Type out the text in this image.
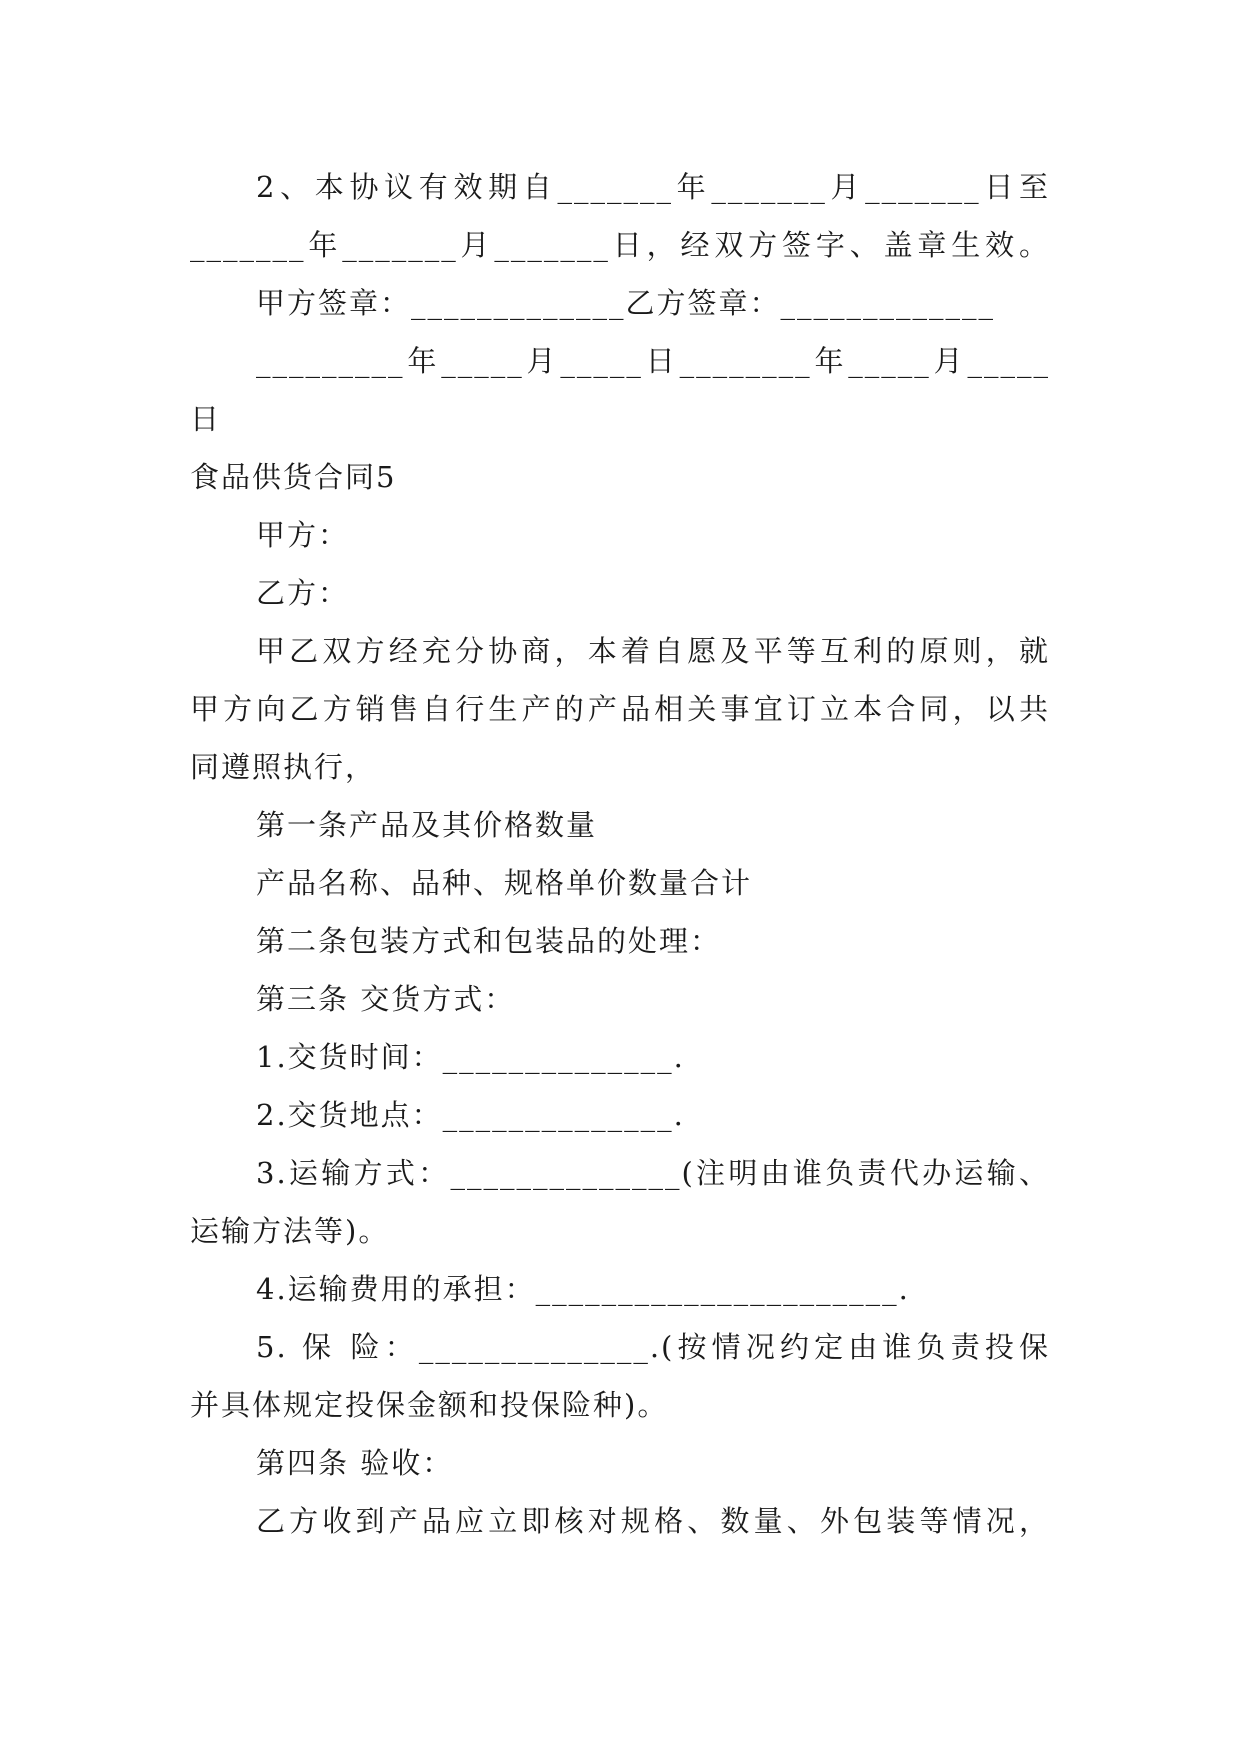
2、本协议有效期自_______年_______月_______日至
_______年_______月_______日，经双方签字、盖章生效。
甲方签章：_____________乙方签章：_____________
_________年_____月_____日________年_____月_____
日
食品供货合同5
甲方：
乙方：
甲乙双方经充分协商，本着自愿及平等互利的原则，就
甲方向乙方销售自行生产的产品相关事宜订立本合同，以共
同遵照执行，
第一条产品及其价格数量
产品名称、品种、规格单价数量合计
第二条包装方式和包装品的处理：
第三条 交货方式：
1.交货时间：______________.
2.交货地点：______________.
3.运输方式：______________(注明由谁负责代办运输、
运输方法等)。
4.运输费用的承担：______________________.
5. 保 险：______________.(按情况约定由谁负责投保
并具体规定投保金额和投保险种)。
第四条 验收：
乙方收到产品应立即核对规格、数量、外包装等情况，
